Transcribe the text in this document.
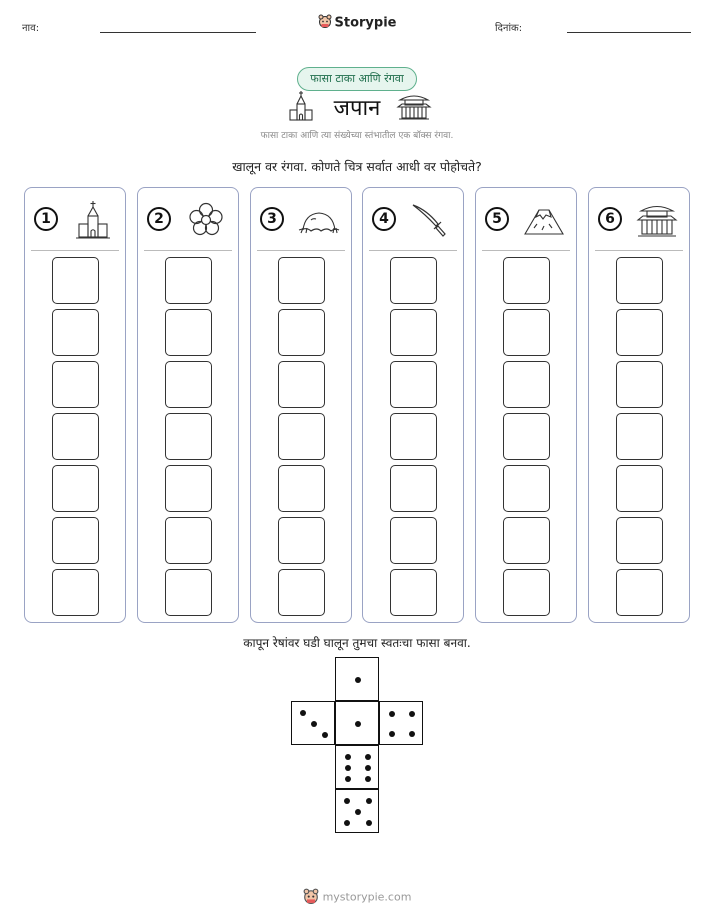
नाव:	Storypie	दिनांक:
फासा टाका आणि रंगवा
जपान
फासा टाका आणि त्या संख्येच्या स्तंभातील एक बॉक्स रंगवा.
खालून वर रंगवा. कोणते चित्र सर्वात आधी वर पोहोचते?
1	2	3	4	5	6
कापून रेषांवर घडी घालून तुमचा स्वतःचा फासा बनवा.
mystorypie.com
